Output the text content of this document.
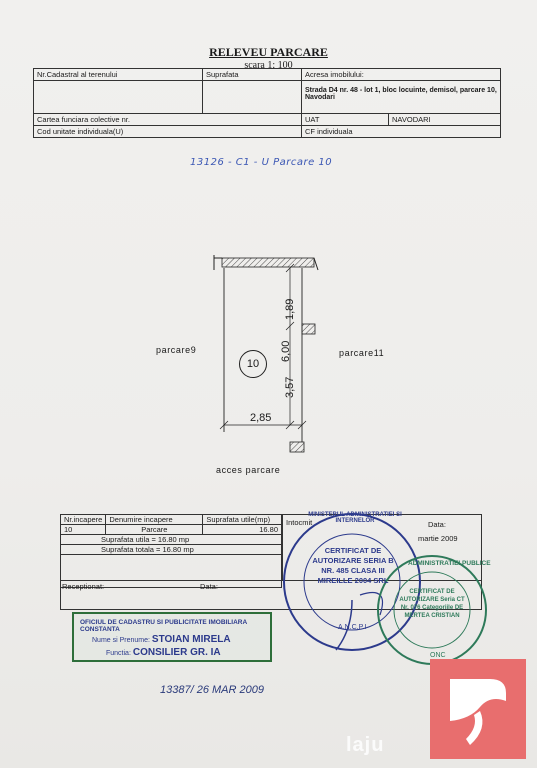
RELEVEU PARCARE
scara 1: 100
Nr.Cadastral al terenului	Suprafata	Acresa imobilului:	
		Strada D4 nr. 48 - lot 1, bloc locuinte, demisol, parcare 10, Navodari	
Cartea funciara colective nr.		UAT	NAVODARI
Cod unitate individuala(U)		CF individuala	
13126 - C1 - U Parcare 10
1,89
6,00
3,57
2,85
parcare9	parcare11
10
acces parcare
Nr.incapere	Denumire incapere	Suprafata utile(mp)
10	Parcare	16.80
Suprafata utila = 16.80 mp		
Suprafata totala = 16.80 mp		

Intocmit	Data:
martie 2009
Receptionat:	Data:
OFICIUL DE CADASTRU SI PUBLICITATE IMOBILIARA CONSTANTA
Nume si Prenume: STOIAN MIRELA
Functia: CONSILIER GR. IA
CERTIFICAT DE AUTORIZARE SERIA B NR. 485 CLASA III MIREILLE 2004 SRL
MINISTERUL ADMINISTRATIEI SI INTERNELOR
A.N.C.P.I
ADMINISTRATIEI PUBLICE
CERTIFICAT DE AUTORIZARE Seria CT Nr. 076 Categoriile DE MERTEA CRISTIAN
ONC
13387/ 26 MAR 2009
laju
